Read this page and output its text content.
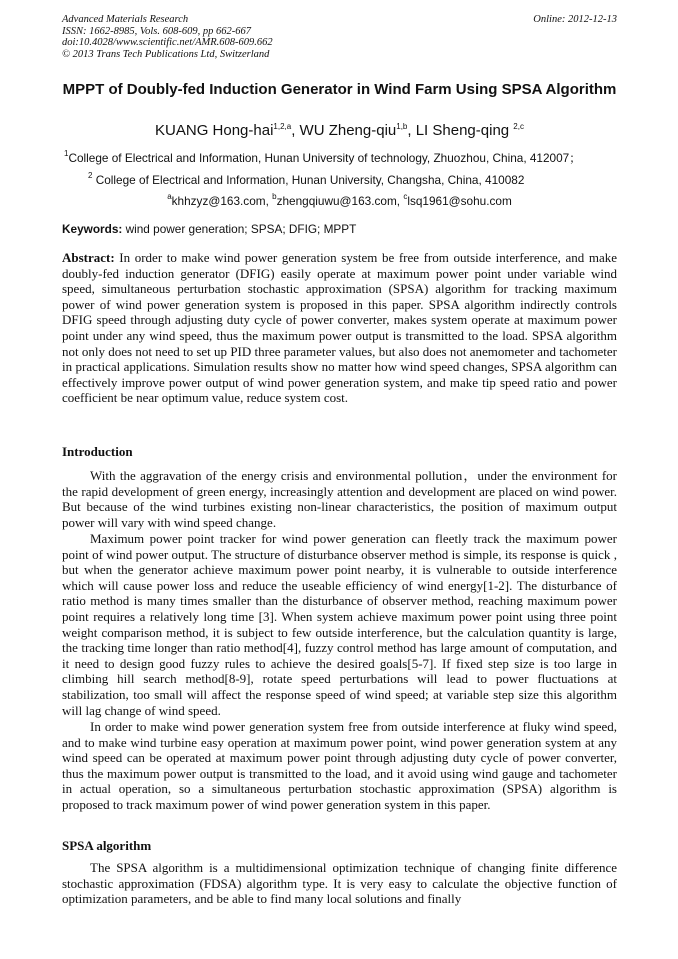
Advanced Materials Research
ISSN: 1662-8985, Vols. 608-609, pp 662-667
doi:10.4028/www.scientific.net/AMR.608-609.662
© 2013 Trans Tech Publications Ltd, Switzerland
Online: 2012-12-13
MPPT of Doubly-fed Induction Generator in Wind Farm Using SPSA Algorithm
KUANG Hong-hai$^{1,2,a}$, WU Zheng-qiu$^{1,b}$, LI Sheng-qing $^{2,c}$
$^1$College of Electrical and Information, Hunan University of technology, Zhuozhou, China, 412007；
$^2$ College of Electrical and Information, Hunan University, Changsha, China, 410082
$^a$khhzyz@163.com, $^b$zhengqiuwu@163.com, $^c$lsq1961@sohu.com
Keywords: wind power generation; SPSA; DFIG; MPPT

Abstract: In order to make wind power generation system be free from outside interference, and make doubly-fed induction generator (DFIG) easily operate at maximum power point under variable wind speed, simultaneous perturbation stochastic approximation (SPSA) algorithm for tracking maximum power of wind power generation system is proposed in this paper. SPSA algorithm indirectly controls DFIG speed through adjusting duty cycle of power converter, makes system operate at maximum power point under any wind speed, thus the maximum power output is transmitted to the load. SPSA algorithm not only does not need to set up PID three parameter values, but also does not anemometer and tachometer in practical applications. Simulation results show no matter how wind speed changes, SPSA algorithm can effectively improve power output of wind power generation system, and make tip speed ratio and power coefficient be near optimum value, reduce system cost.

Introduction

With the aggravation of the energy crisis and environmental pollution，under the environment for the rapid development of green energy, increasingly attention and development are placed on wind power. But because of the wind turbines existing non-linear characteristics, the position of maximum output power will vary with wind speed change.

Maximum power point tracker for wind power generation can fleetly track the maximum power point of wind power output. The structure of disturbance observer method is simple, its response is quick , but when the generator achieve maximum power point nearby, it is vulnerable to outside interference which will cause power loss and reduce the useable efficiency of wind energy[1-2]. The disturbance of ratio method is many times smaller than the disturbance of observer method, reaching maximum power point requires a relatively long time [3]. When system achieve maximum power point using three point weight comparison method, it is subject to few outside interference, but the calculation quantity is large, the tracking time longer than ratio method[4], fuzzy control method has large amount of computation, and it need to design good fuzzy rules to achieve the desired goals[5-7]. If fixed step size is too large in climbing hill search method[8-9], rotate speed perturbations will lead to power fluctuations at stabilization, too small will affect the response speed of wind speed; at variable step size this algorithm will lag change of wind speed.

In order to make wind power generation system free from outside interference at fluky wind speed, and to make wind turbine easy operation at maximum power point, wind power generation system at any wind speed can be operated at maximum power point through adjusting duty cycle of power converter, thus the maximum power output is transmitted to the load, and it avoid using wind gauge and tachometer in actual operation, so a simultaneous perturbation stochastic approximation (SPSA) algorithm is proposed to track maximum power of wind power generation system in this paper.

SPSA algorithm

The SPSA algorithm is a multidimensional optimization technique of changing finite difference stochastic approximation (FDSA) algorithm type. It is very easy to calculate the objective function of optimization parameters, and be able to find many local solutions and finally
